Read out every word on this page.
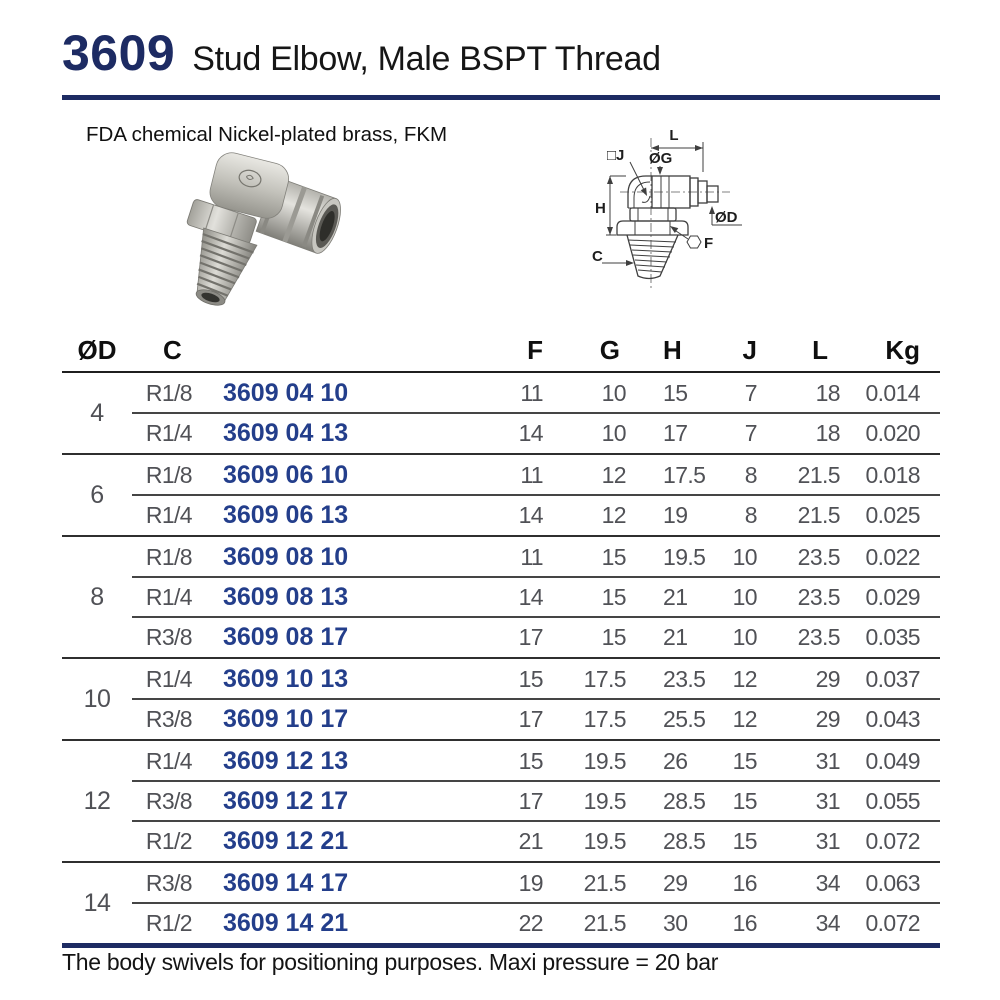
3609 Stud Elbow, Male BSPT Thread
FDA chemical Nickel-plated brass, FKM	L
ØG
□J
H
ØD
F
C
ØD	C	F	G	H	J	L	Kg
4
R1/8	3609 04 10	11	10	15	7	18	0.014
R1/4	3609 04 13	14	10	17	7	18	0.020
6
R1/8	3609 06 10	11	12	17.5	8	21.5	0.018
R1/4	3609 06 13	14	12	19	8	21.5	0.025
8
R1/8	3609 08 10	11	15	19.5	10	23.5	0.022
R1/4	3609 08 13	14	15	21	10	23.5	0.029
R3/8	3609 08 17	17	15	21	10	23.5	0.035
10
R1/4	3609 10 13	15	17.5	23.5	12	29	0.037
R3/8	3609 10 17	17	17.5	25.5	12	29	0.043
12
R1/4	3609 12 13	15	19.5	26	15	31	0.049
R3/8	3609 12 17	17	19.5	28.5	15	31	0.055
R1/2	3609 12 21	21	19.5	28.5	15	31	0.072
14
R3/8	3609 14 17	19	21.5	29	16	34	0.063
R1/2	3609 14 21	22	21.5	30	16	34	0.072
The body swivels for positioning purposes. Maxi pressure = 20 bar
